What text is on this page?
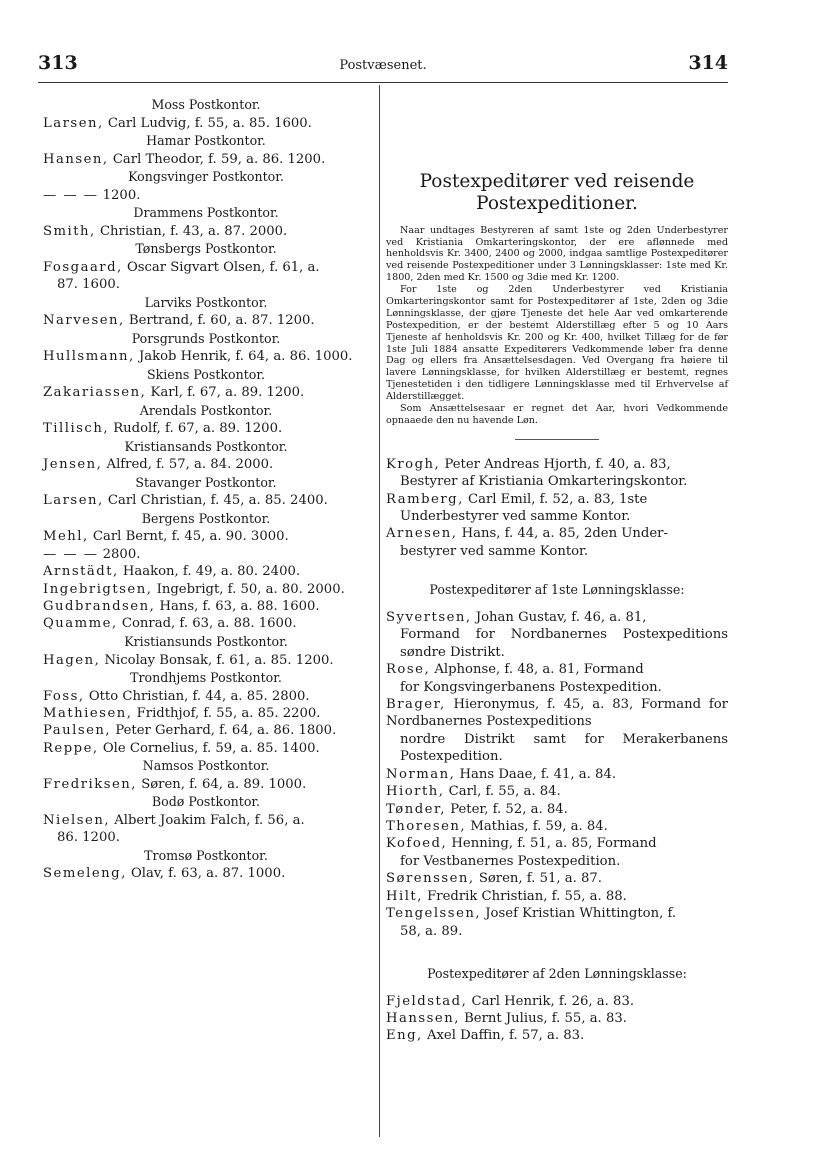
313	Postvæsenet.	314
Moss Postkontor.
Larsen, Carl Ludvig, f. 55, a. 85. 1600.
Hamar Postkontor.
Hansen, Carl Theodor, f. 59, a. 86. 1200.
Kongsvinger Postkontor.
— — — 1200.
Drammens Postkontor.
Smith, Christian, f. 43, a. 87. 2000.
Tønsbergs Postkontor.
Fosgaard, Oscar Sigvart Olsen, f. 61, a.
87. 1600.
Larviks Postkontor.
Narvesen, Bertrand, f. 60, a. 87. 1200.
Porsgrunds Postkontor.
Hullsmann, Jakob Henrik, f. 64, a. 86. 1000.
Skiens Postkontor.
Zakariassen, Karl, f. 67, a. 89. 1200.
Arendals Postkontor.
Tillisch, Rudolf, f. 67, a. 89. 1200.
Kristiansands Postkontor.
Jensen, Alfred, f. 57, a. 84. 2000.
Stavanger Postkontor.
Larsen, Carl Christian, f. 45, a. 85. 2400.
Bergens Postkontor.
Mehl, Carl Bernt, f. 45, a. 90. 3000.
— — — 2800.
Arnstädt, Haakon, f. 49, a. 80. 2400.
Ingebrigtsen, Ingebrigt, f. 50, a. 80. 2000.
Gudbrandsen, Hans, f. 63, a. 88. 1600.
Quamme, Conrad, f. 63, a. 88. 1600.
Kristiansunds Postkontor.
Hagen, Nicolay Bonsak, f. 61, a. 85. 1200.
Trondhjems Postkontor.
Foss, Otto Christian, f. 44, a. 85. 2800.
Mathiesen, Fridthjof, f. 55, a. 85. 2200.
Paulsen, Peter Gerhard, f. 64, a. 86. 1800.
Reppe, Ole Cornelius, f. 59, a. 85. 1400.
Namsos Postkontor.
Fredriksen, Søren, f. 64, a. 89. 1000.
Bodø Postkontor.
Nielsen, Albert Joakim Falch, f. 56, a.
86. 1200.
Tromsø Postkontor.
Semeleng, Olav, f. 63, a. 87. 1000.
Postexpeditører ved reisende
Postexpeditioner.

Naar undtages Bestyreren af samt 1ste og 2den Underbestyrer ved Kristiania Omkarteringskontor, der ere aflønnede med henholdsvis Kr. 3400, 2400 og 2000, indgaa samtlige Postexpeditører ved reisende Postexpeditioner under 3 Lønningsklasser: 1ste med Kr. 1800, 2den med Kr. 1500 og 3die med Kr. 1200.

For 1ste og 2den Underbestyrer ved Kristiania Omkarteringskontor samt for Postexpeditører af 1ste, 2den og 3die Lønningsklasse, der gjøre Tjeneste det hele Aar ved omkarterende Postexpedition, er der bestemt Alderstillæg efter 5 og 10 Aars Tjeneste af henholdsvis Kr. 200 og Kr. 400, hvilket Tillæg for de før 1ste Juli 1884 ansatte Expeditørers Vedkommende løber fra denne Dag og ellers fra Ansættelsesdagen. Ved Overgang fra høiere til lavere Lønningsklasse, for hvilken Alderstillæg er bestemt, regnes Tjenestetiden i den tidligere Lønningsklasse med til Erhvervelse af Alderstillægget.

Som Ansættelsesaar er regnet det Aar, hvori Vedkommende opnaaede den nu havende Løn.

Krogh, Peter Andreas Hjorth, f. 40, a. 83,
Bestyrer af Kristiania Omkarteringskontor.
Ramberg, Carl Emil, f. 52, a. 83, 1ste
Underbestyrer ved samme Kontor.
Arnesen, Hans, f. 44, a. 85, 2den Under-
bestyrer ved samme Kontor.
Postexpeditører af 1ste Lønningsklasse:
Syvertsen, Johan Gustav, f. 46, a. 81,
Formand for Nordbanernes Postexpeditions søndre Distrikt.
Rose, Alphonse, f. 48, a. 81, Formand
for Kongsvingerbanens Postexpedition.
Brager, Hieronymus, f. 45, a. 83, Formand for Nordbanernes Postexpeditions
nordre Distrikt samt for Merakerbanens Postexpedition.
Norman, Hans Daae, f. 41, a. 84.
Hiorth, Carl, f. 55, a. 84.
Tønder, Peter, f. 52, a. 84.
Thoresen, Mathias, f. 59, a. 84.
Kofoed, Henning, f. 51, a. 85, Formand
for Vestbanernes Postexpedition.
Sørenssen, Søren, f. 51, a. 87.
Hilt, Fredrik Christian, f. 55, a. 88.
Tengelssen, Josef Kristian Whittington, f.
58, a. 89.
Postexpeditører af 2den Lønningsklasse:
Fjeldstad, Carl Henrik, f. 26, a. 83.
Hanssen, Bernt Julius, f. 55, a. 83.
Eng, Axel Daffin, f. 57, a. 83.
